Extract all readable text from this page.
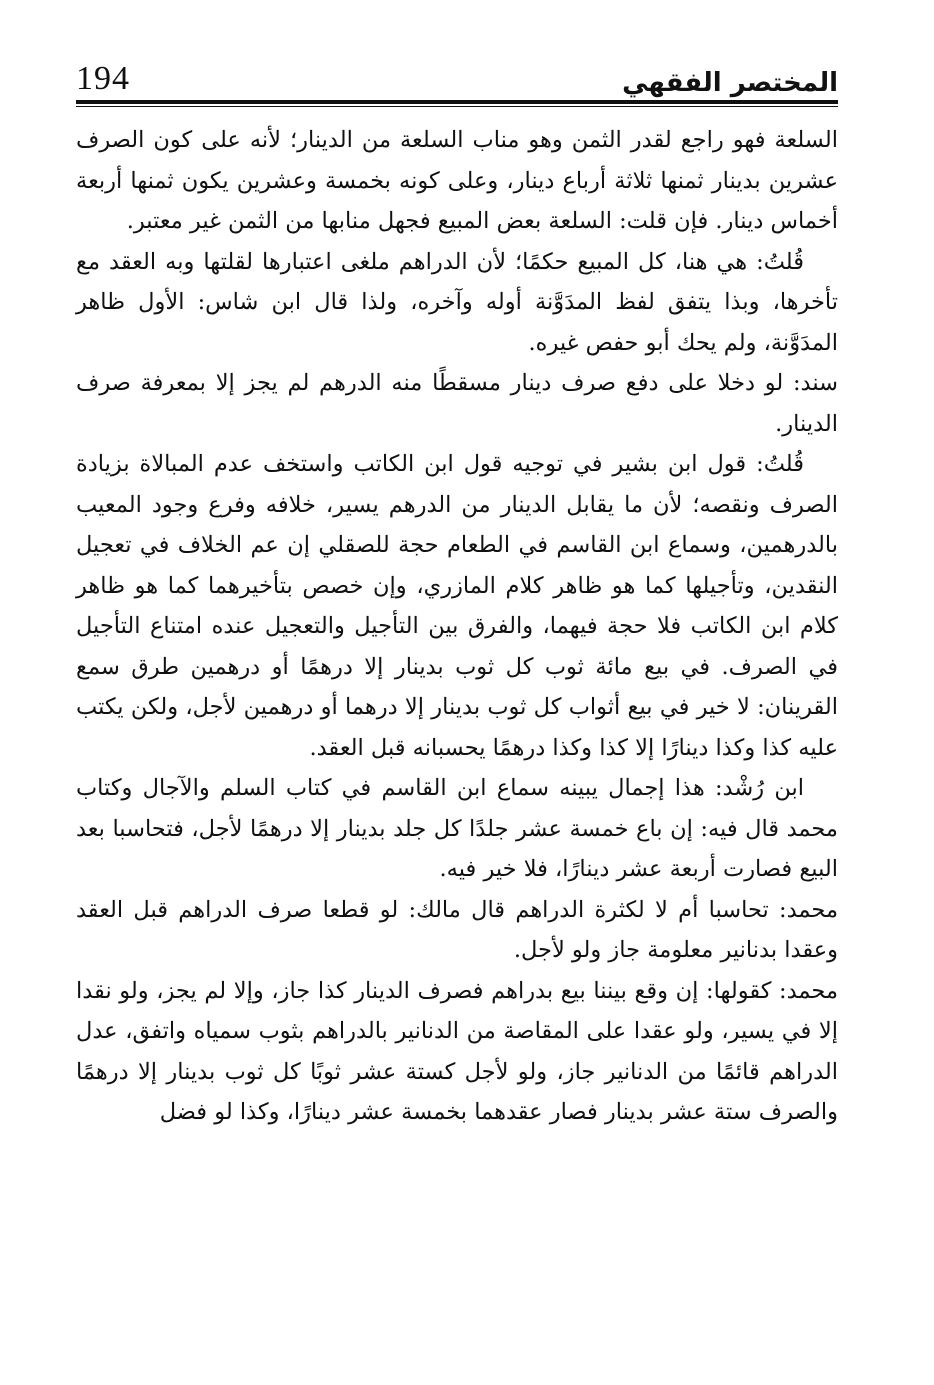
194	المختصر الفقهي

السلعة فهو راجع لقدر الثمن وهو مناب السلعة من الدينار؛ لأنه على كون الصرف عشرين بدينار ثمنها ثلاثة أرباع دينار، وعلى كونه بخمسة وعشرين يكون ثمنها أربعة أخماس دينار. فإن قلت: السلعة بعض المبيع فجهل منابها من الثمن غير معتبر.

قُلتُ: هي هنا، كل المبيع حكمًا؛ لأن الدراهم ملغى اعتبارها لقلتها وبه العقد مع تأخرها، وبذا يتفق لفظ المدَوَّنة أوله وآخره، ولذا قال ابن شاس: الأول ظاهر المدَوَّنة، ولم يحك أبو حفص غيره.

سند: لو دخلا على دفع صرف دينار مسقطًا منه الدرهم لم يجز إلا بمعرفة صرف الدينار.

قُلتُ: قول ابن بشير في توجيه قول ابن الكاتب واستخف عدم المبالاة بزيادة الصرف ونقصه؛ لأن ما يقابل الدينار من الدرهم يسير، خلافه وفرع وجود المعيب بالدرهمين، وسماع ابن القاسم في الطعام حجة للصقلي إن عم الخلاف في تعجيل النقدين، وتأجيلها كما هو ظاهر كلام المازري، وإن خصص بتأخيرهما كما هو ظاهر كلام ابن الكاتب فلا حجة فيهما، والفرق بين التأجيل والتعجيل عنده امتناع التأجيل في الصرف. في بيع مائة ثوب كل ثوب بدينار إلا درهمًا أو درهمين طرق سمع القرينان: لا خير في بيع أثواب كل ثوب بدينار إلا درهما أو درهمين لأجل، ولكن يكتب عليه كذا وكذا دينارًا إلا كذا وكذا درهمًا يحسبانه قبل العقد.

ابن رُشْد: هذا إجمال يبينه سماع ابن القاسم في كتاب السلم والآجال وكتاب محمد قال فيه: إن باع خمسة عشر جلدًا كل جلد بدينار إلا درهمًا لأجل، فتحاسبا بعد البيع فصارت أربعة عشر دينارًا، فلا خير فيه.

محمد: تحاسبا أم لا لكثرة الدراهم قال مالك: لو قطعا صرف الدراهم قبل العقد وعقدا بدنانير معلومة جاز ولو لأجل.

محمد: كقولها: إن وقع بيننا بيع بدراهم فصرف الدينار كذا جاز، وإلا لم يجز، ولو نقدا إلا في يسير، ولو عقدا على المقاصة من الدنانير بالدراهم بثوب سمياه واتفق، عدل الدراهم قائمًا من الدنانير جاز، ولو لأجل كستة عشر ثوبًا كل ثوب بدينار إلا درهمًا والصرف ستة عشر بدينار فصار عقدهما بخمسة عشر دينارًا، وكذا لو فضل
